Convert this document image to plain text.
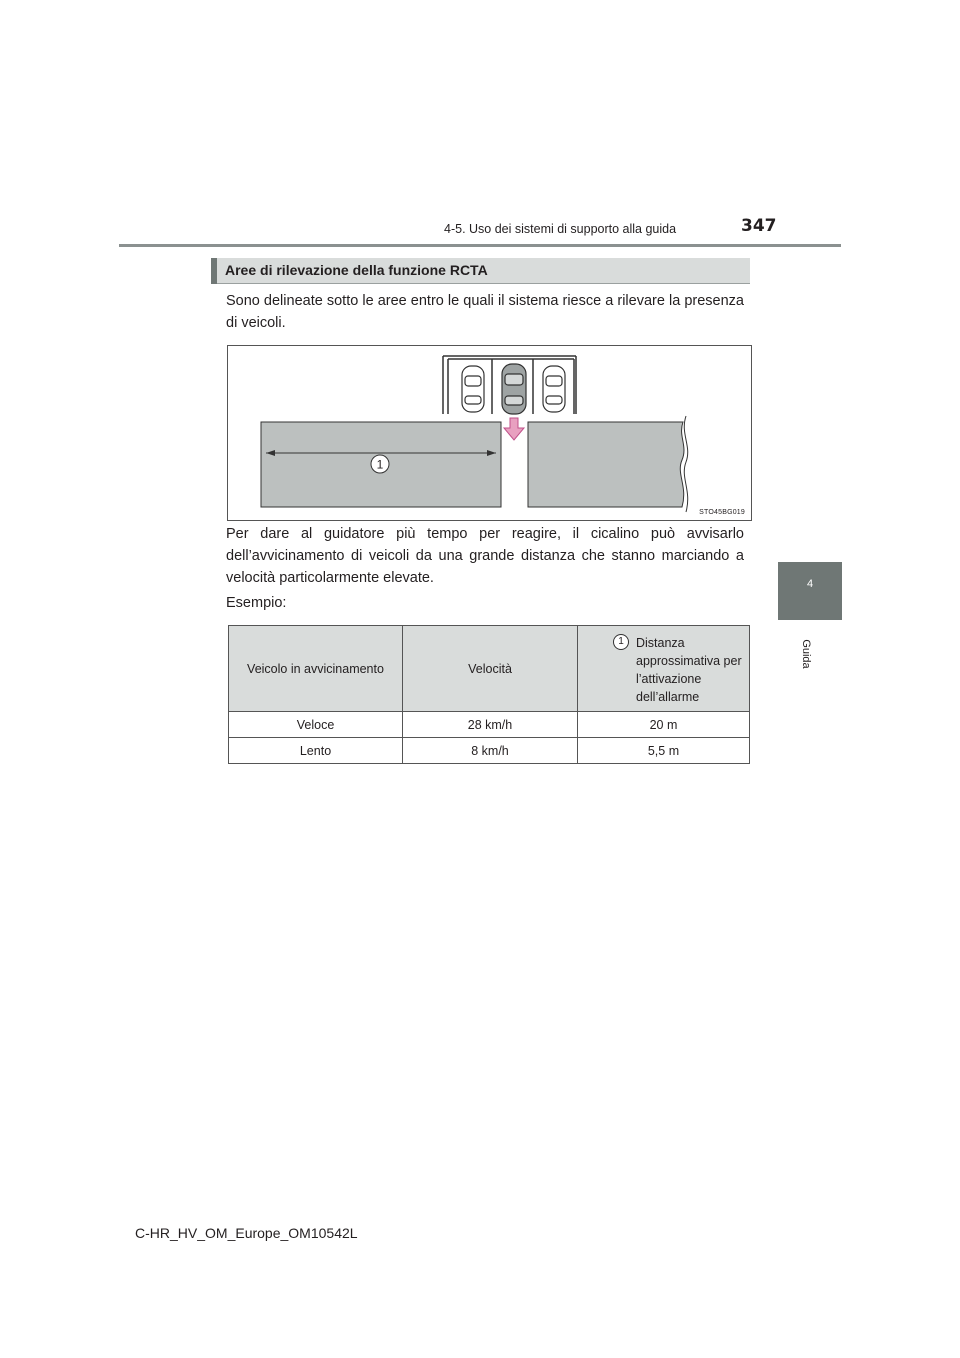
4-5. Uso dei sistemi di supporto alla guida	347
4
Guida
Aree di rilevazione della funzione RCTA
Sono delineate sotto le aree entro le quali il sistema riesce a rilevare la presenza di veicoli.
1
STO45BG019
Per dare al guidatore più tempo per reagire, il cicalino può avvisarlo dell’avvicinamento di veicoli da una grande distanza che stanno marciando a velocità particolarmente elevate.
Esempio:
Veicolo in avvicinamento	Velocità	1 Distanza approssimativa per l’attivazione dell’allarme

Veloce	28 km/h	20 m
Lento	8 km/h	5,5 m
C-HR_HV_OM_Europe_OM10542L
